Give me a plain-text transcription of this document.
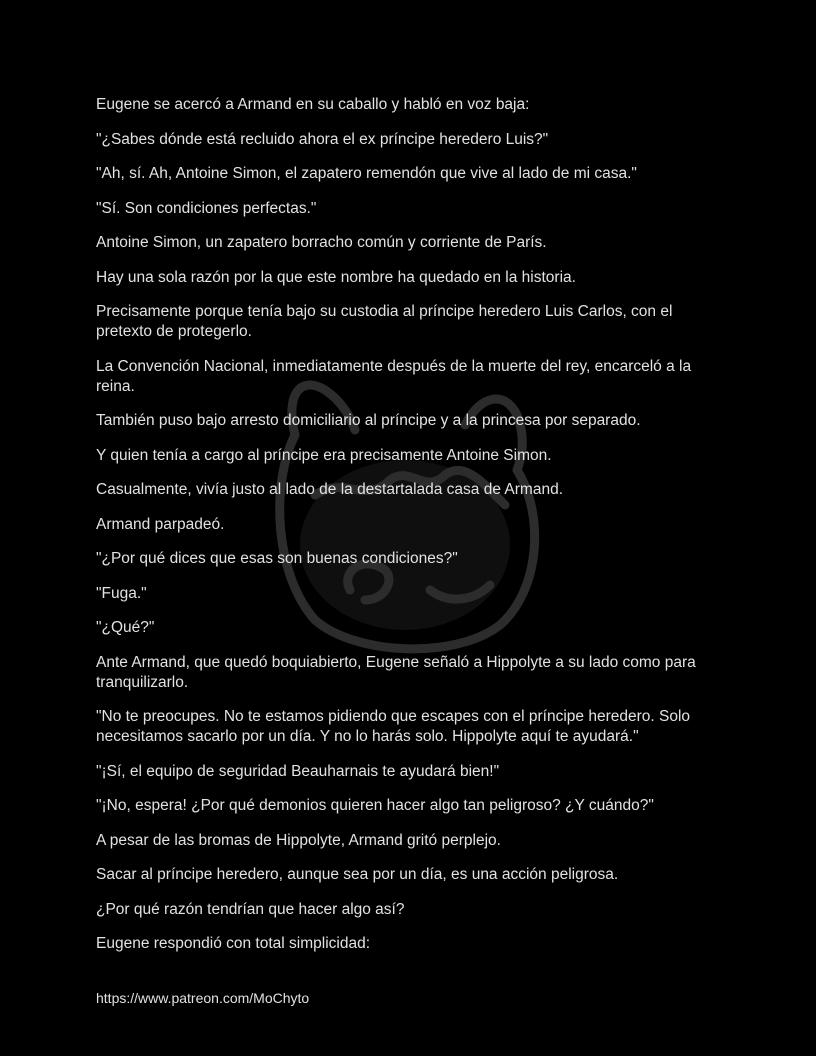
Eugene se acercó a Armand en su caballo y habló en voz baja:

"¿Sabes dónde está recluido ahora el ex príncipe heredero Luis?"

"Ah, sí. Ah, Antoine Simon, el zapatero remendón que vive al lado de mi casa."

"Sí. Son condiciones perfectas."

Antoine Simon, un zapatero borracho común y corriente de París.

Hay una sola razón por la que este nombre ha quedado en la historia.

Precisamente porque tenía bajo su custodia al príncipe heredero Luis Carlos, con el pretexto de protegerlo.

La Convención Nacional, inmediatamente después de la muerte del rey, encarceló a la reina.

También puso bajo arresto domiciliario al príncipe y a la princesa por separado.

Y quien tenía a cargo al príncipe era precisamente Antoine Simon.

Casualmente, vivía justo al lado de la destartalada casa de Armand.

Armand parpadeó.

"¿Por qué dices que esas son buenas condiciones?"

"Fuga."

"¿Qué?"

Ante Armand, que quedó boquiabierto, Eugene señaló a Hippolyte a su lado como para tranquilizarlo.

"No te preocupes. No te estamos pidiendo que escapes con el príncipe heredero. Solo necesitamos sacarlo por un día. Y no lo harás solo. Hippolyte aquí te ayudará."

"¡Sí, el equipo de seguridad Beauharnais te ayudará bien!"

"¡No, espera! ¿Por qué demonios quieren hacer algo tan peligroso? ¿Y cuándo?"

A pesar de las bromas de Hippolyte, Armand gritó perplejo.

Sacar al príncipe heredero, aunque sea por un día, es una acción peligrosa.

¿Por qué razón tendrían que hacer algo así?

Eugene respondió con total simplicidad:

https://www.patreon.com/MoChyto
